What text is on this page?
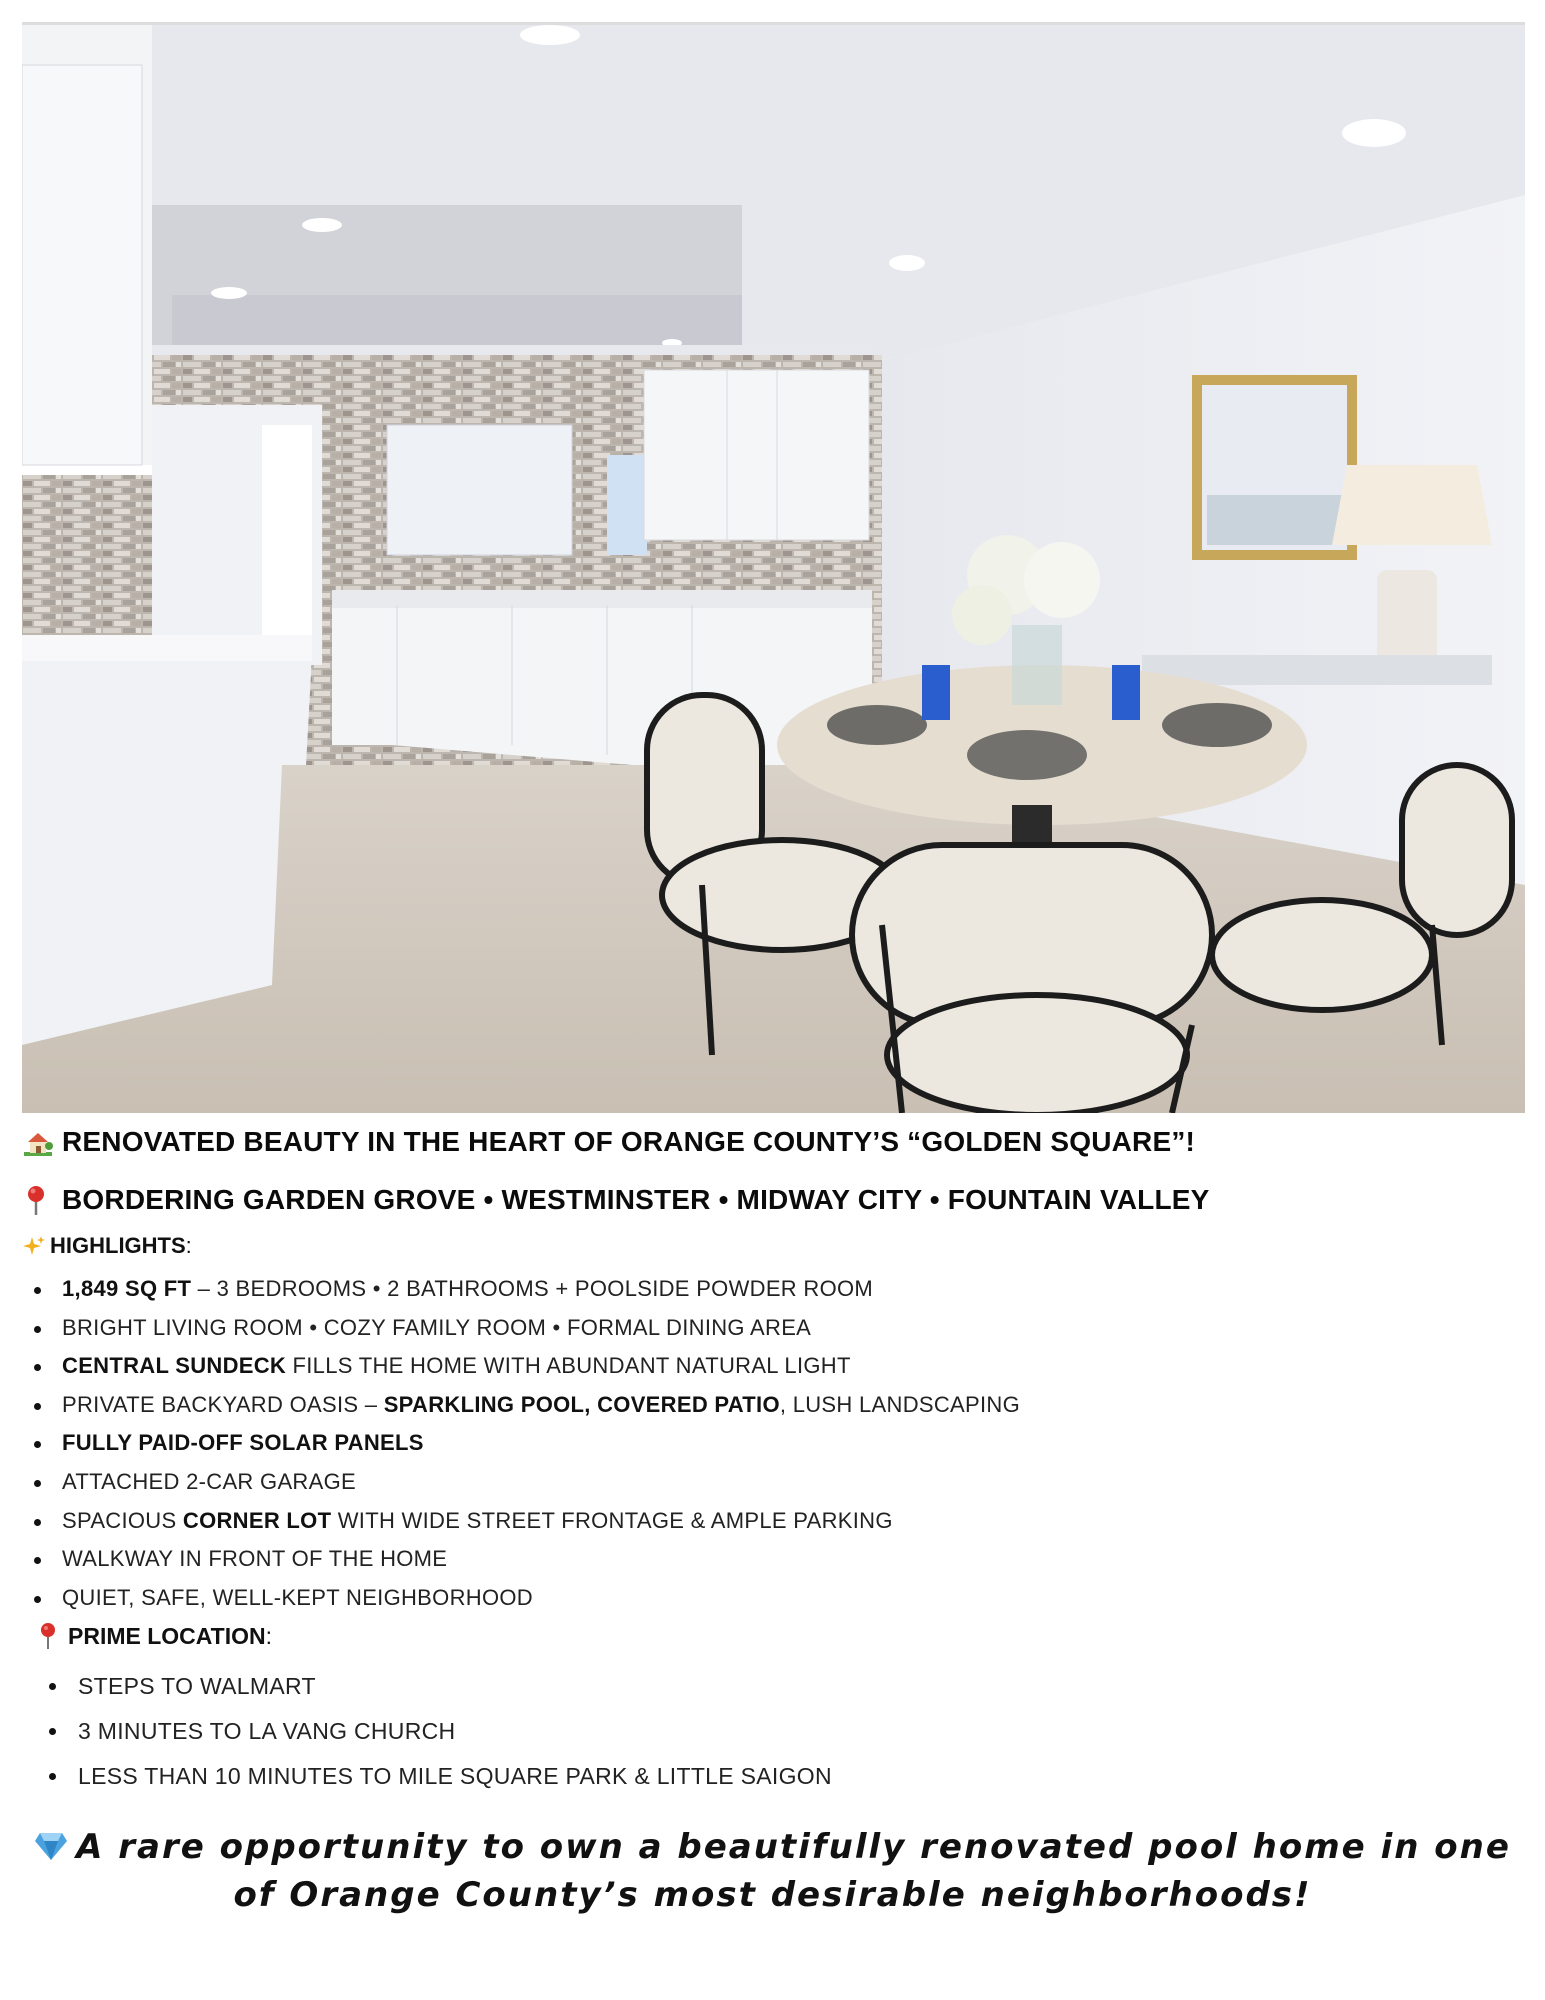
RENOVATED BEAUTY IN THE HEART OF ORANGE COUNTY’S “GOLDEN SQUARE”!
BORDERING GARDEN GROVE • WESTMINSTER • MIDWAY CITY • FOUNTAIN VALLEY
HIGHLIGHTS :
1,849 SQ FT – 3 BEDROOMS • 2 BATHROOMS + POOLSIDE POWDER ROOM
BRIGHT LIVING ROOM • COZY FAMILY ROOM • FORMAL DINING AREA
CENTRAL SUNDECK FILLS THE HOME WITH ABUNDANT NATURAL LIGHT
PRIVATE BACKYARD OASIS – SPARKLING POOL, COVERED PATIO, LUSH LANDSCAPING
FULLY PAID-OFF SOLAR PANELS
ATTACHED 2-CAR GARAGE
SPACIOUS CORNER LOT WITH WIDE STREET FRONTAGE & AMPLE PARKING
WALKWAY IN FRONT OF THE HOME
QUIET, SAFE, WELL-KEPT NEIGHBORHOOD
PRIME LOCATION :
STEPS TO WALMART
3 MINUTES TO LA VANG CHURCH
LESS THAN 10 MINUTES TO MILE SQUARE PARK & LITTLE SAIGON
A rare opportunity to own a beautifully renovated pool home in one
of Orange County’s most desirable neighborhoods!
